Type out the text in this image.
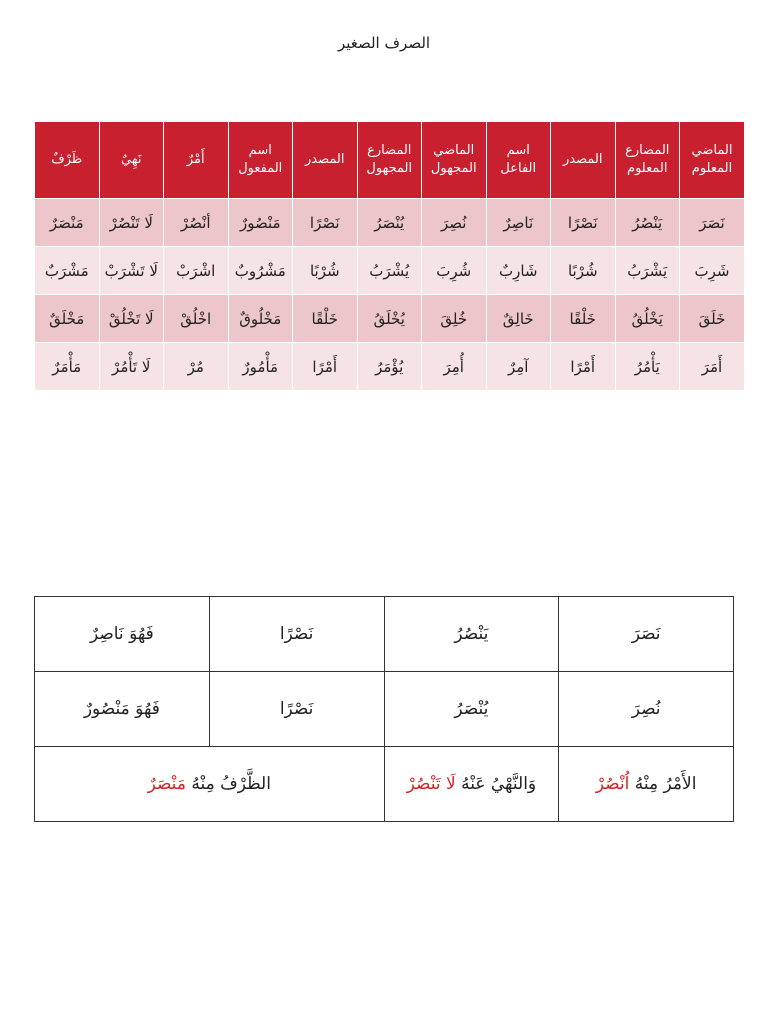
الصرف الصغير
الماضي المعلوم	المضارع المعلوم	المصدر	اسم الفاعل	الماضي المجهول	المضارع المجهول	المصدر	اسم المفعول	أَمْرٌ	نَهِيٌ	ظَرْفٌ
نَصَرَ	يَنْصُرُ	نَصْرًا	نَاصِرٌ	نُصِرَ	يُنْصَرُ	نَصْرًا	مَنْصُورٌ	أنْصُرْ	لَا تَنْصُرْ	مَنْصَرٌ
شَرِبَ	يَشْرَبُ	شُرْبًا	شَارِبٌ	شُرِبَ	يُشْرَبُ	شُرْبًا	مَشْرُوبٌ	اشْرَبْ	لَا تَشْرَبْ	مَشْرَبٌ
خَلَقَ	يَخْلُقُ	خَلْقًا	خَالِقٌ	خُلِقَ	يُخْلَقُ	خَلْقًا	مَخْلُوقٌ	اخْلُقْ	لَا تَخْلُقْ	مَخْلَقٌ
أَمَرَ	يَأْمُرُ	أَمْرًا	آمِرٌ	أُمِرَ	يُؤْمَرُ	أَمْرًا	مَأْمُورٌ	مُرْ	لَا تَأْمُرْ	مَأْمَرٌ
نَصَرَ	يَنْصُرُ	نَصْرًا	فَهُوَ نَاصِرٌ
نُصِرَ	يُنْصَرُ	نَصْرًا	فَهُوَ مَنْصُورٌ
الأَمْرُ مِنْهُ اُنْصُرْ	وَالنَّهْيُ عَنْهُ لَا تَنْصُرْ	الظَّرْفُ مِنْهُ مَنْصَرٌ	
